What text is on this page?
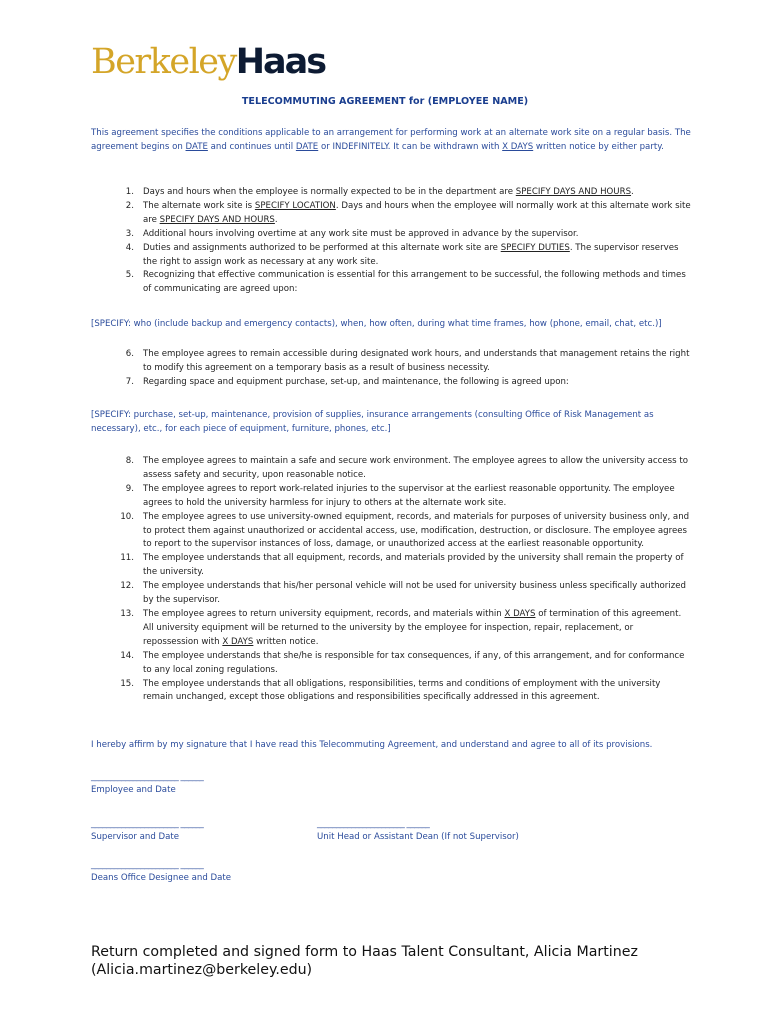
BerkeleyHaas
TELECOMMUTING AGREEMENT for (EMPLOYEE NAME)
This agreement specifies the conditions applicable to an arrangement for performing work at an alternate work site on a regular basis. The agreement begins on DATE and continues until DATE or INDEFINITELY. It can be withdrawn with X DAYS written notice by either party.
1. Days and hours when the employee is normally expected to be in the department are SPECIFY DAYS AND HOURS.
2. The alternate work site is SPECIFY LOCATION. Days and hours when the employee will normally work at this alternate work site are SPECIFY DAYS AND HOURS.
3. Additional hours involving overtime at any work site must be approved in advance by the supervisor.
4. Duties and assignments authorized to be performed at this alternate work site are SPECIFY DUTIES. The supervisor reserves the right to assign work as necessary at any work site.
5. Recognizing that effective communication is essential for this arrangement to be successful, the following methods and times of communicating are agreed upon:
[SPECIFY: who (include backup and emergency contacts), when, how often, during what time frames, how (phone, email, chat, etc.)]
6. The employee agrees to remain accessible during designated work hours, and understands that management retains the right to modify this agreement on a temporary basis as a result of business necessity.
7. Regarding space and equipment purchase, set-up, and maintenance, the following is agreed upon:
[SPECIFY: purchase, set-up, maintenance, provision of supplies, insurance arrangements (consulting Office of Risk Management as necessary), etc., for each piece of equipment, furniture, phones, etc.]
8. The employee agrees to maintain a safe and secure work environment. The employee agrees to allow the university access to assess safety and security, upon reasonable notice.
9. The employee agrees to report work-related injuries to the supervisor at the earliest reasonable opportunity. The employee agrees to hold the university harmless for injury to others at the alternate work site.
10. The employee agrees to use university-owned equipment, records, and materials for purposes of university business only, and to protect them against unauthorized or accidental access, use, modification, destruction, or disclosure. The employee agrees to report to the supervisor instances of loss, damage, or unauthorized access at the earliest reasonable opportunity.
11. The employee understands that all equipment, records, and materials provided by the university shall remain the property of the university.
12. The employee understands that his/her personal vehicle will not be used for university business unless specifically authorized by the supervisor.
13. The employee agrees to return university equipment, records, and materials within X DAYS of termination of this agreement. All university equipment will be returned to the university by the employee for inspection, repair, replacement, or repossession with X DAYS written notice.
14. The employee understands that she/he is responsible for tax consequences, if any, of this arrangement, and for conformance to any local zoning regulations.
15. The employee understands that all obligations, responsibilities, terms and conditions of employment with the university remain unchanged, except those obligations and responsibilities specifically addressed in this agreement.
I hereby affirm by my signature that I have read this Telecommuting Agreement, and understand and agree to all of its provisions.
_______________________ ______
Employee and Date
_______________________ ______
Supervisor and Date
_______________________ ______
Unit Head or Assistant Dean (If not Supervisor)
_______________________ ______
Deans Office Designee and Date
Return completed and signed form to Haas Talent Consultant, Alicia Martinez (Alicia.martinez@berkeley.edu)
